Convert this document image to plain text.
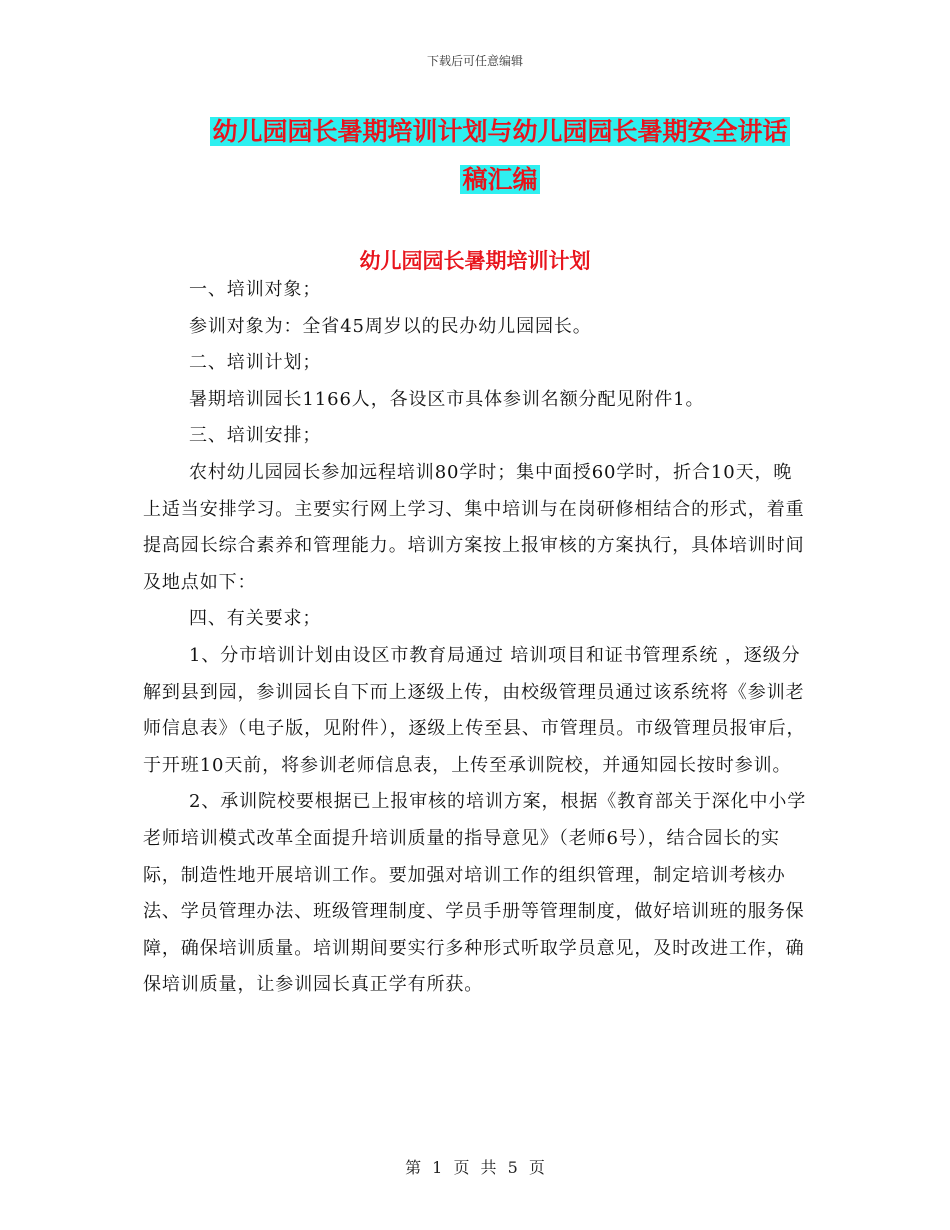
下载后可任意编辑
幼儿园园长暑期培训计划与幼儿园园长暑期安全讲话
稿汇编
幼儿园园长暑期培训计划

一、培训对象；

参训对象为：全省45周岁以的民办幼儿园园长。

二、培训计划；

暑期培训园长1166人，各设区市具体参训名额分配见附件1。

三、培训安排；

农村幼儿园园长参加远程培训80学时；集中面授60学时，折合10天，晚上适当安排学习。主要实行网上学习、集中培训与在岗研修相结合的形式，着重提高园长综合素养和管理能力。培训方案按上报审核的方案执行，具体培训时间及地点如下：

四、有关要求；

1、分市培训计划由设区市教育局通过 培训项目和证书管理系统 ，逐级分解到县到园，参训园长自下而上逐级上传，由校级管理员通过该系统将《参训老师信息表》（电子版，见附件），逐级上传至县、市管理员。市级管理员报审后，于开班10天前，将参训老师信息表，上传至承训院校，并通知园长按时参训。

2、承训院校要根据已上报审核的培训方案，根据《教育部关于深化中小学老师培训模式改革全面提升培训质量的指导意见》（老师6号），结合园长的实际，制造性地开展培训工作。要加强对培训工作的组织管理，制定培训考核办法、学员管理办法、班级管理制度、学员手册等管理制度，做好培训班的服务保障，确保培训质量。培训期间要实行多种形式听取学员意见，及时改进工作，确保培训质量，让参训园长真正学有所获。

第 1 页 共 5 页
